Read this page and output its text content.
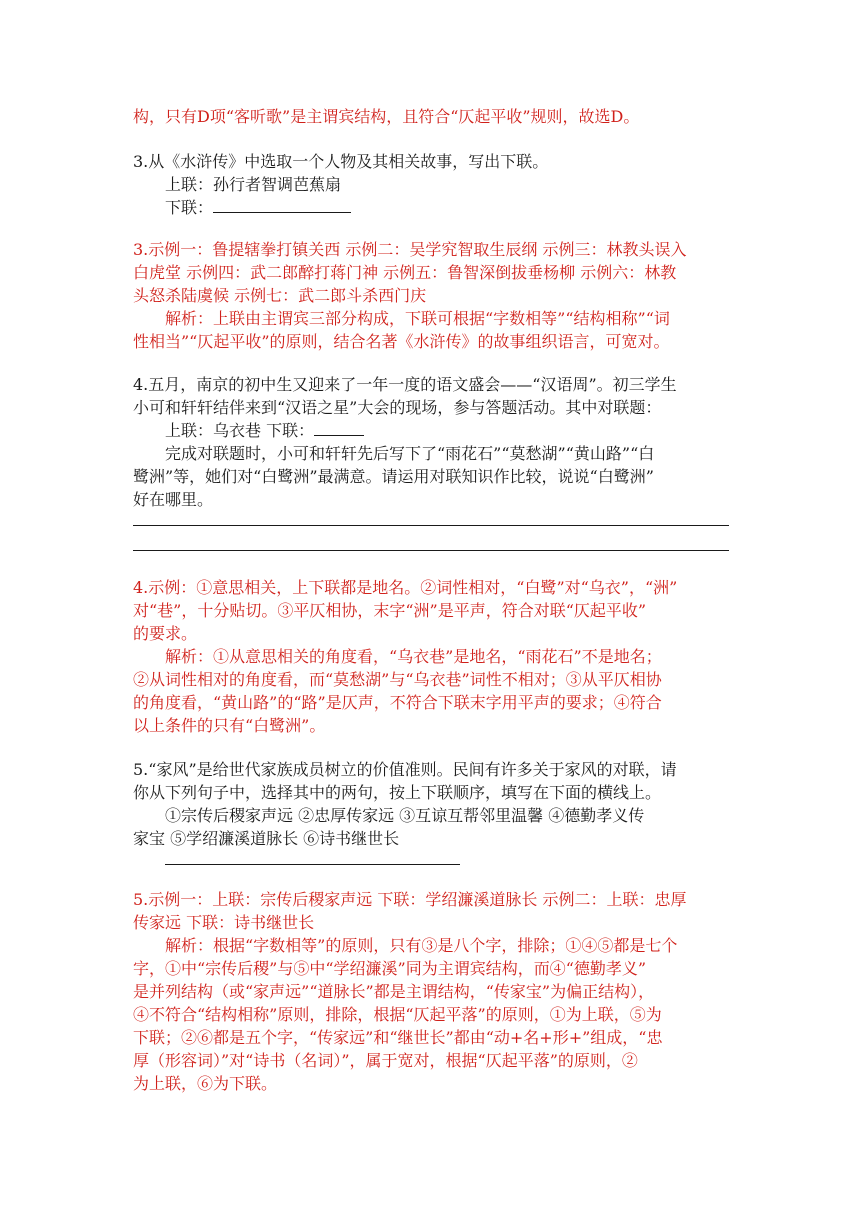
构，只有D项“客听歌”是主谓宾结构，且符合“仄起平收”规则，故选D。
3.从《水浒传》中选取一个人物及其相关故事，写出下联。
上联：孙行者智调芭蕉扇
下联：
3.示例一：鲁提辖拳打镇关西 示例二：吴学究智取生辰纲 示例三：林教头误入
白虎堂 示例四：武二郎醉打蒋门神 示例五：鲁智深倒拔垂杨柳 示例六：林教
头怒杀陆虞候 示例七：武二郎斗杀西门庆
解析：上联由主谓宾三部分构成，下联可根据“字数相等”“结构相称”“词
性相当”“仄起平收”的原则，结合名著《水浒传》的故事组织语言，可宽对。
4.五月，南京的初中生又迎来了一年一度的语文盛会——“汉语周”。初三学生
小可和轩轩结伴来到“汉语之星”大会的现场，参与答题活动。其中对联题：
上联：乌衣巷 下联：
完成对联题时，小可和轩轩先后写下了“雨花石”“莫愁湖”“黄山路”“白
鹭洲”等，她们对“白鹭洲”最满意。请运用对联知识作比较，说说“白鹭洲”
好在哪里。
4.示例：①意思相关，上下联都是地名。②词性相对，“白鹭”对“乌衣”，“洲”
对“巷”，十分贴切。③平仄相协，末字“洲”是平声，符合对联“仄起平收”
的要求。
解析：①从意思相关的角度看，“乌衣巷”是地名，“雨花石”不是地名；
②从词性相对的角度看，而“莫愁湖”与“乌衣巷”词性不相对；③从平仄相协
的角度看，“黄山路”的“路”是仄声，不符合下联末字用平声的要求；④符合
以上条件的只有“白鹭洲”。
5.“家风”是给世代家族成员树立的价值准则。民间有许多关于家风的对联，请
你从下列句子中，选择其中的两句，按上下联顺序，填写在下面的横线上。
①宗传后稷家声远 ②忠厚传家远 ③互谅互帮邻里温馨 ④德勤孝义传
家宝 ⑤学绍濂溪道脉长 ⑥诗书继世长
5.示例一：上联：宗传后稷家声远 下联：学绍濂溪道脉长 示例二：上联：忠厚
传家远 下联：诗书继世长
解析：根据“字数相等”的原则，只有③是八个字，排除；①④⑤都是七个
字，①中“宗传后稷”与⑤中“学绍濂溪”同为主谓宾结构，而④“德勤孝义”
是并列结构（或“家声远”“道脉长”都是主谓结构，“传家宝”为偏正结构），
④不符合“结构相称”原则，排除，根据“仄起平落”的原则，①为上联，⑤为
下联；②⑥都是五个字，“传家远”和“继世长”都由“动+名+形+”组成，“忠
厚（形容词）”对“诗书（名词）”，属于宽对，根据“仄起平落”的原则，②
为上联，⑥为下联。
